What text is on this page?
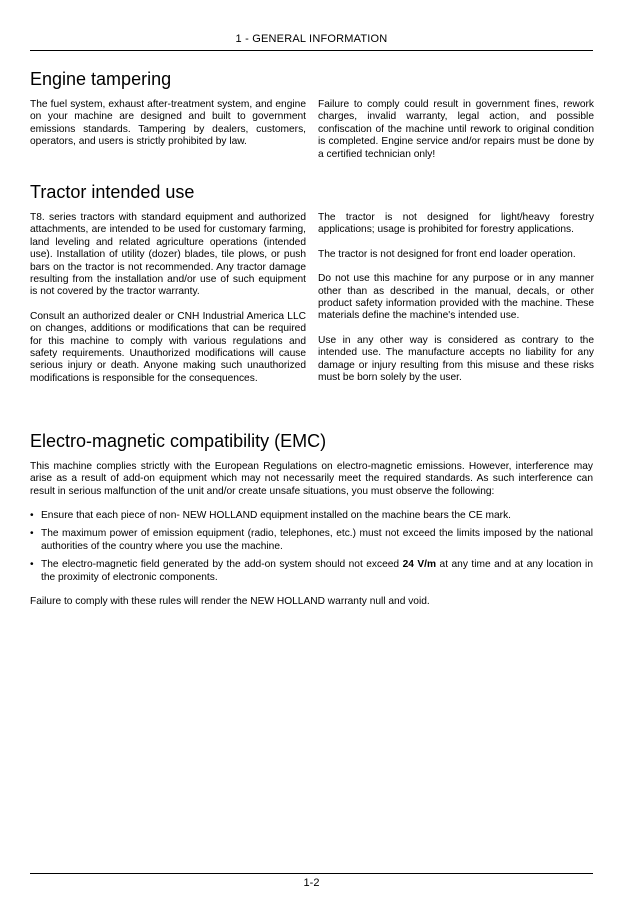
1 - GENERAL INFORMATION
Engine tampering

The fuel system, exhaust after-treatment system, and engine on your machine are designed and built to government emissions standards. Tampering by dealers, customers, operators, and users is strictly prohibited by law.

Failure to comply could result in government fines, rework charges, invalid warranty, legal action, and possible confiscation of the machine until rework to original condition is completed. Engine service and/or repairs must be done by a certified technician only!

Tractor intended use

T8. series tractors with standard equipment and authorized attachments, are intended to be used for customary farming, land leveling and related agriculture operations (intended use). Installation of utility (dozer) blades, tile plows, or push bars on the tractor is not recommended. Any tractor damage resulting from the installation and/or use of such equipment is not covered by the tractor warranty.

Consult an authorized dealer or CNH Industrial America LLC on changes, additions or modifications that can be required for this machine to comply with various regulations and safety requirements. Unauthorized modifications will cause serious injury or death. Anyone making such unauthorized modifications is responsible for the consequences.

The tractor is not designed for light/heavy forestry applications; usage is prohibited for forestry applications.

The tractor is not designed for front end loader operation.

Do not use this machine for any purpose or in any manner other than as described in the manual, decals, or other product safety information provided with the machine. These materials define the machine's intended use.

Use in any other way is considered as contrary to the intended use. The manufacture accepts no liability for any damage or injury resulting from this misuse and these risks must be born solely by the user.

Electro-magnetic compatibility (EMC)

This machine complies strictly with the European Regulations on electro-magnetic emissions. However, interference may arise as a result of add-on equipment which may not necessarily meet the required standards. As such interference can result in serious malfunction of the unit and/or create unsafe situations, you must observe the following:

• Ensure that each piece of non- NEW HOLLAND equipment installed on the machine bears the CE mark.
• The maximum power of emission equipment (radio, telephones, etc.) must not exceed the limits imposed by the national authorities of the country where you use the machine.
• The electro-magnetic field generated by the add-on system should not exceed 24 V/m at any time and at any location in the proximity of electronic components.

Failure to comply with these rules will render the NEW HOLLAND warranty null and void.

1-2
